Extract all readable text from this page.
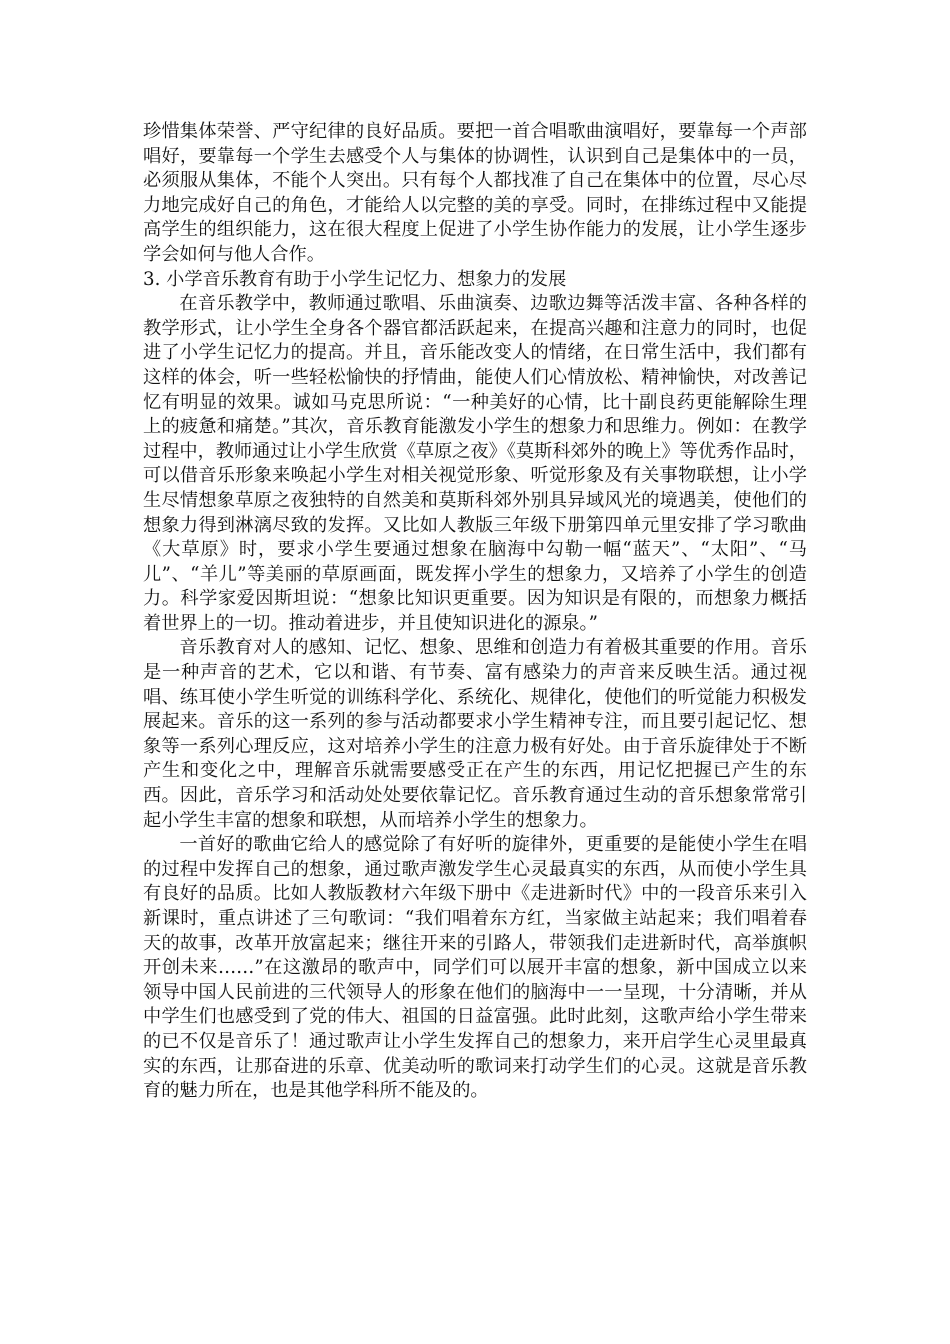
珍惜集体荣誉、严守纪律的良好品质。要把一首合唱歌曲演唱好，要靠每一个声部唱好，要靠每一个学生去感受个人与集体的协调性，认识到自己是集体中的一员，必须服从集体，不能个人突出。只有每个人都找准了自己在集体中的位置，尽心尽力地完成好自己的角色，才能给人以完整的美的享受。同时，在排练过程中又能提高学生的组织能力，这在很大程度上促进了小学生协作能力的发展，让小学生逐步学会如何与他人合作。

3. 小学音乐教育有助于小学生记忆力、想象力的发展

在音乐教学中，教师通过歌唱、乐曲演奏、边歌边舞等活泼丰富、各种各样的教学形式，让小学生全身各个器官都活跃起来，在提高兴趣和注意力的同时，也促进了小学生记忆力的提高。并且，音乐能改变人的情绪，在日常生活中，我们都有这样的体会，听一些轻松愉快的抒情曲，能使人们心情放松、精神愉快，对改善记忆有明显的效果。诚如马克思所说：“一种美好的心情，比十副良药更能解除生理上的疲惫和痛楚。”其次，音乐教育能激发小学生的想象力和思维力。例如：在教学过程中，教师通过让小学生欣赏《草原之夜》《莫斯科郊外的晚上》等优秀作品时，可以借音乐形象来唤起小学生对相关视觉形象、听觉形象及有关事物联想，让小学生尽情想象草原之夜独特的自然美和莫斯科郊外别具异域风光的境遇美，使他们的想象力得到淋漓尽致的发挥。又比如人教版三年级下册第四单元里安排了学习歌曲《大草原》时，要求小学生要通过想象在脑海中勾勒一幅“蓝天”、“太阳”、“马儿”、“羊儿”等美丽的草原画面，既发挥小学生的想象力，又培养了小学生的创造力。科学家爱因斯坦说：“想象比知识更重要。因为知识是有限的，而想象力概括着世界上的一切。推动着进步，并且使知识进化的源泉。”

音乐教育对人的感知、记忆、想象、思维和创造力有着极其重要的作用。音乐是一种声音的艺术，它以和谐、有节奏、富有感染力的声音来反映生活。通过视唱、练耳使小学生听觉的训练科学化、系统化、规律化，使他们的听觉能力积极发展起来。音乐的这一系列的参与活动都要求小学生精神专注，而且要引起记忆、想象等一系列心理反应，这对培养小学生的注意力极有好处。由于音乐旋律处于不断产生和变化之中，理解音乐就需要感受正在产生的东西，用记忆把握已产生的东西。因此，音乐学习和活动处处要依靠记忆。音乐教育通过生动的音乐想象常常引起小学生丰富的想象和联想，从而培养小学生的想象力。

一首好的歌曲它给人的感觉除了有好听的旋律外，更重要的是能使小学生在唱的过程中发挥自己的想象，通过歌声激发学生心灵最真实的东西，从而使小学生具有良好的品质。比如人教版教材六年级下册中《走进新时代》中的一段音乐来引入新课时，重点讲述了三句歌词：“我们唱着东方红，当家做主站起来；我们唱着春天的故事，改革开放富起来；继往开来的引路人，带领我们走进新时代，高举旗帜开创未来……”在这激昂的歌声中，同学们可以展开丰富的想象，新中国成立以来领导中国人民前进的三代领导人的形象在他们的脑海中一一呈现，十分清晰，并从中学生们也感受到了党的伟大、祖国的日益富强。此时此刻，这歌声给小学生带来的已不仅是音乐了！通过歌声让小学生发挥自己的想象力，来开启学生心灵里最真实的东西，让那奋进的乐章、优美动听的歌词来打动学生们的心灵。这就是音乐教育的魅力所在，也是其他学科所不能及的。
